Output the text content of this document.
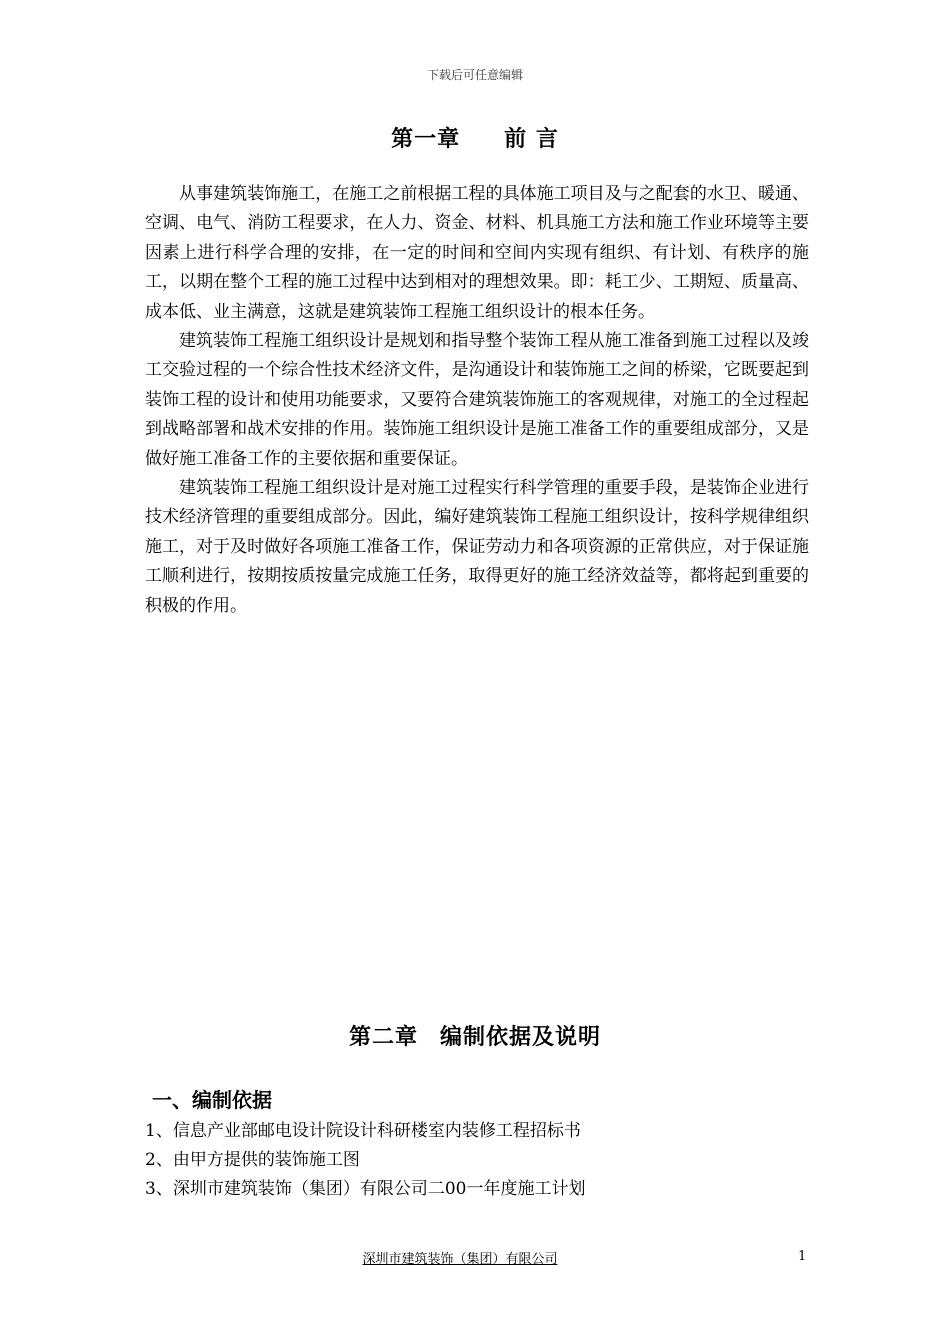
下载后可任意编辑
第一章 前 言

从事建筑装饰施工，在施工之前根据工程的具体施工项目及与之配套的水卫、暖通、空调、电气、消防工程要求，在人力、资金、材料、机具施工方法和施工作业环境等主要因素上进行科学合理的安排，在一定的时间和空间内实现有组织、有计划、有秩序的施工，以期在整个工程的施工过程中达到相对的理想效果。即：耗工少、工期短、质量高、成本低、业主满意，这就是建筑装饰工程施工组织设计的根本任务。

建筑装饰工程施工组织设计是规划和指导整个装饰工程从施工准备到施工过程以及竣工交验过程的一个综合性技术经济文件，是沟通设计和装饰施工之间的桥梁，它既要起到装饰工程的设计和使用功能要求，又要符合建筑装饰施工的客观规律，对施工的全过程起到战略部署和战术安排的作用。装饰施工组织设计是施工准备工作的重要组成部分，又是做好施工准备工作的主要依据和重要保证。

建筑装饰工程施工组织设计是对施工过程实行科学管理的重要手段，是装饰企业进行技术经济管理的重要组成部分。因此，编好建筑装饰工程施工组织设计，按科学规律组织施工，对于及时做好各项施工准备工作，保证劳动力和各项资源的正常供应，对于保证施工顺利进行，按期按质按量完成施工任务，取得更好的施工经济效益等，都将起到重要的积极的作用。

第二章 编制依据及说明
一、编制依据
1、信息产业部邮电设计院设计科研楼室内装修工程招标书
2、由甲方提供的装饰施工图
3、深圳市建筑装饰（集团）有限公司二00一年度施工计划
深圳市建筑装饰（集团）有限公司	1
